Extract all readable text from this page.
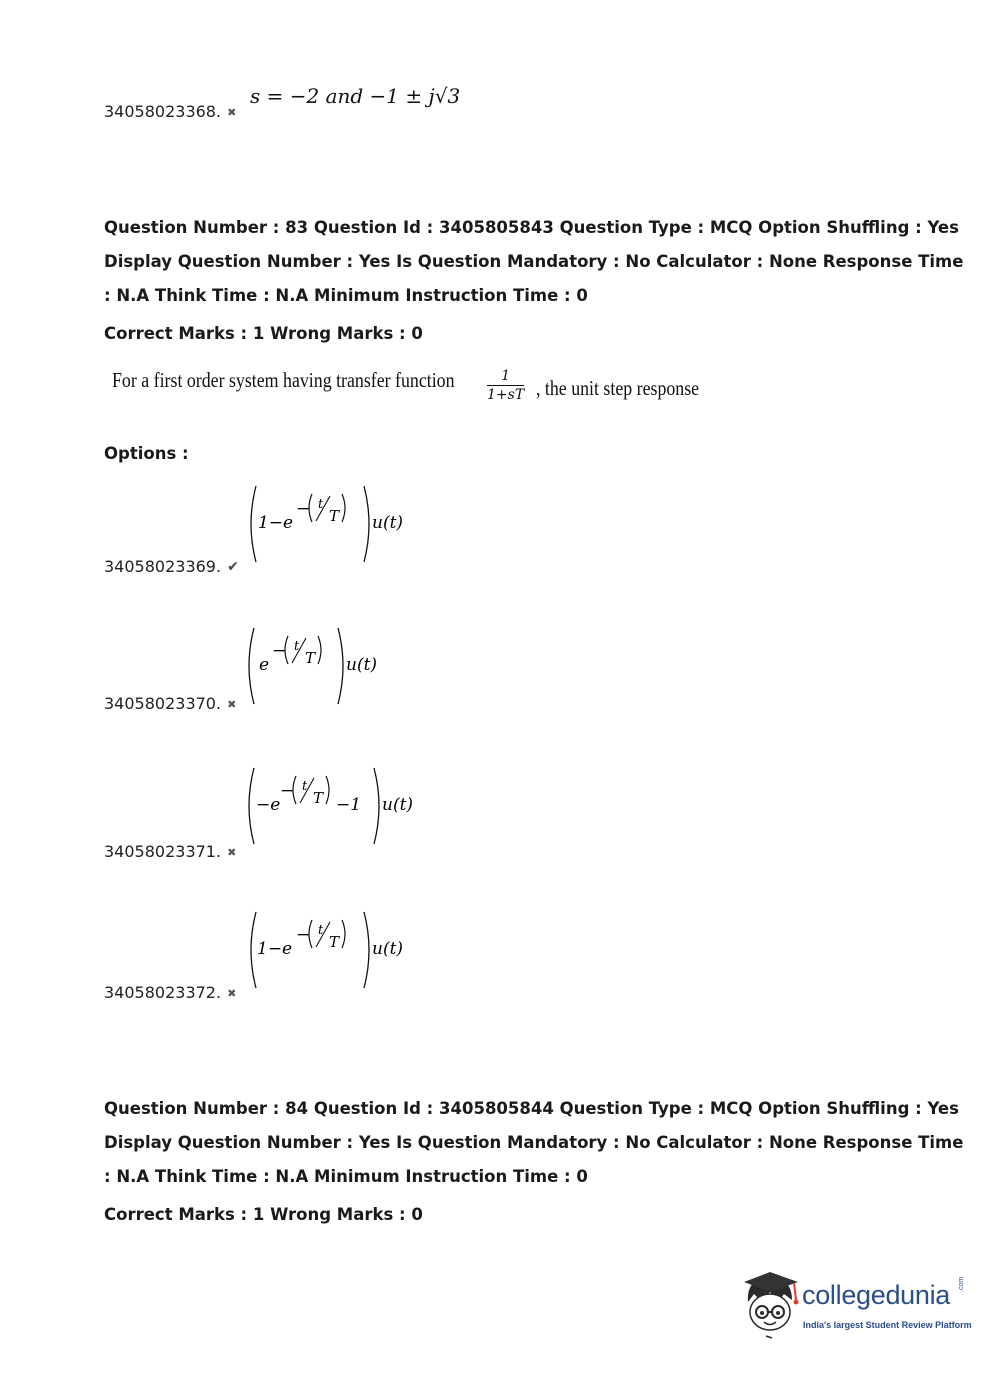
34058023368. ✖
s = −2 and −1 ± j√3
Question Number : 83 Question Id : 3405805843 Question Type : MCQ Option Shuffling : Yes
Display Question Number : Yes Is Question Mandatory : No Calculator : None Response Time
: N.A Think Time : N.A Minimum Instruction Time : 0
Correct Marks : 1 Wrong Marks : 0
For a first order system having transfer function	$\frac{1}{1+sT}$ , the unit step response
Options :
34058023369. ✔
1−e
− t
T u(t)
34058023370. ✖
e
− t
T u(t)
34058023371. ✖
−e
− t
T −1 u(t)
34058023372. ✖
1−e
− t
T u(t)
Question Number : 84 Question Id : 3405805844 Question Type : MCQ Option Shuffling : Yes
Display Question Number : Yes Is Question Mandatory : No Calculator : None Response Time
: N.A Think Time : N.A Minimum Instruction Time : 0
Correct Marks : 1 Wrong Marks : 0
collegedunia .com
India's largest Student Review Platform
